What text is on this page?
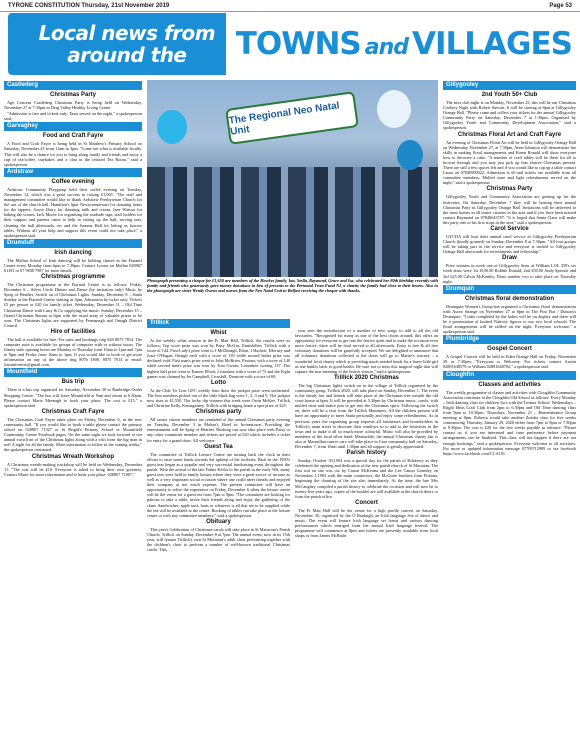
TYRONE CONSTITUTION Thursday, 21st November 2019	Page 53
Local news from
around the TOWNS and VILLAGES
Castlederg
Christmas Party

Age Concern Castlederg Christmas Party is being held on Wednesday, November 27 at 7.30pm in Derg Valley Healthy Living Centre.

"Admission is free and tickets only. Taxis served on the night," a spokesperson said.

Garvaghey
Food and Craft Fayre

A Food and Craft Fayre is being held in St Matthew's Primary School on Saturday, November 23 from 11am to 3pm. "Come see what is available locally. This will also be a chance for you to bring along family and friends and enjoy a cup of tea/coffee, traybakes and a chat in the relaxed Tea Room," said a spokesperson.

Ardstraw
Coffee evening

Ardstraw Community Playgroup held their coffee evening on Tuesday, November 12, which was a great success in raising £1,065. "The staff and management committee would like to thank Ardstraw Presbyterian Church for the use of the church hall, Hamilton's Spar Newtownstewart for donating items for the tappers, Grove Dairy for donating milk and cream, Jane Watson for baking the scones, Jack Moore for organising the roadside sign, staff holders for their support and parents came to help in setting up the hall, serving teas, cleaning the hall afterwards, etc and the Somme Hall for letting us borrow tables. Without all your help and support this event could not take place," a spokesperson said.

Drumduff
Irish dancing

The Mullan School of Irish dancing will be holding classes in the Fiaranif Centre every Monday from 6pm to 7.30pm. Contact Louise on Mullan 028867 61181 or 07 9830 7987 for more details.

Christmas programme

The Christmas programme at the Fiaranif Centre is as follows: Friday, December 6 – Silver Circle Dinner and Dance (by invitation only) Music by Sprig of Heather, Switch on of Christmas Lights. Sunday, December 8 – Santa Sunday at the Fiaranif Centre starting at 3pm. Admission by ticket only. Tickets £5 per person or £20 for family ticket. Wednesday, December 11 – Old Time Christmas Dance with Larry & Co supplying the music. Sunday, December 15 – Grand Christmas Bazaar at 6pm with the usual array of valuable prizes to be won. The Christmas lights are supported by Fermanagh and Omagh District Council.

Hire of facilities

The hall is available for hire. For rates and bookings ring 028 8075 7814. The computer suite is available for groups of computer with or without tutors. The fitness suite opening hours are Monday to Thursday from 10am to 1pm and 7pm to 9pm and Friday from 10am to 1pm. If you would like to book or get more information on any of the above ring 8076 1808, 8075 7014 or email: fiaranifcentre@gmail.com.

Mountfield
Bus trip

There is a bus trip organised for Saturday, November 30 to Banbridge Outlet Shopping Centre. "The bus will leave Mountfield at 9am and return at 6.30pm. Please contact Marie Meenagh to book your place. The cost is £15," a spokesperson said.

Christmas Craft Fayre

The Christmas Craft Fayre takes place on Friday, December 6, in the new community hall. "If you would like to book a table please contact the primary school on 028807 71327 or St Brigid's Primary School or Mountfield Community Centre Facebook pages. On the same night we look forward to our annual switch on of the Christmas lights along with a visit from the big man in red! A night for all the family. More information to follow in the coming weeks," the spokesperson continued.

Christmas Wreath Workshop

A Christmas wreath-making workshop will be held on Wednesday, December 11. "The cost will be £10. Everyone is asked to bring their own greenery. Contact Marie for more information and to book your place: 028807 71807."

The Regional Neo Natal Unit
Photograph presenting a cheque for £1,650 are members of the Hawkes family, Ian, Stella, Raymond, Grace and Isa, who celebrated her 80th birthday recently with family and friends who generously gave money donations in lieu of presents to the Perinatal Trust Fund NI, a charity the family had close to their hearts. Also in the photograph are sister Wendy Owens and nurses from the Neo Natal Unit in Belfast receiving the cheque with thanks.
Trillick
Whist

At the weekly whist session in the Fr Matt Hall, Trillick, the results were as follows: Top score prize was won by Patsy McGirr, Enniskillen. Trillick with a score of 144. First Lady's prize went to J McDonagh, Edirn, J Hackett, Ederney and Josie O'Hagan, Omagh each with a score of 139 while second ladies prize was declared void. First man's prize went to John McBrien, Fintona, with a score of 140 while second men's prize was won by Tom Curran, Lisnaskea scoring 137. The highest half prize went to Eamon Elliott, Lisnaskea with a score of 75 and the Eight games was claimed by Jer Campbell, Crossbill, Dromore with a score of 69.

Lotto

At the Club Tir Leac GFC weekly lotto draw the jackpot prize went unclaimed. The four numbers picked out of the little black bag were 1, 2, 3 and 9. The jackpot now rises to £1,550. The lucky dip winners this week were Owin McKee, Trillick and Christine Kelly, Kernagraney. Trillick with bringing home a spot prize of £25.

Christmas party

All senior citizen members are reminded of the annual Christmas party evening on Tuesday, December 3 in Mahon's Hotel in Irvinestown. Providing the entertainment will be Sprig of Heather. Booking can now take place with Patsy or any other committee member and tickets are priced at £20 which includes a ticket for entry for a grand draw. All welcome.

Guest Tea

The committee of Trillick Leisure Centre are turning back the clock in their efforts to raise some funds towards the upkeep of the facilities. Back in the 1950's guest teas began as a popular and very successful fundraising event throughout the parish. With the arrival of the late Father Keilor to the parish in the early '60s, many guest teas were held in family houses where they were a great source of income as well as a very important social occasion where one could meet friends and enjoyed their company at not much expense. The present committee will have an opportunity to relive the experience on Friday, December 6 when the leisure centre will be the venue for a guest tea from 7pm to 9pm. "The committee are looking for patrons to take a table, invite their friends along and enjoy the gathering of the clans. Sandwiches, apple tarts, buns or whatever is all that are to be supplied while the tea will be available at the centre. Booking of tables can take place at the leisure centre or with any committee members," said a spokesperson.

Obituary

This year's Celebration of Christmas carols will take place in St Macartan's Parish Church, Trillick on Sunday, December 8 at 7pm. The annual event, now in its 15th year, will feature Trillick's own St Macartan's adult choir performing together with the children's choir to perform a number of well-known traditional Christmas carols. This

year sees the introduction of a number of new songs to add to all the old favourites. "Recognised for many as one of the best choirs around, this offers an opportunity for everyone to get into the festive spirit and to make the occasion even more festive, there will be food served to all afterwards. Entry is free & all free voluntary donations will be gratefully accepted. We are delighted to announce that all voluntary donations collected at the doors will go to Maisie's journey – a wonderful local charity which is providing much needed funds for a brave little girl as she battles back to good health. Be sure not to miss this magical night that will capture the true meaning of the festive season," said a spokesperson.

Trillick 2020 Christmas

The big Christmas lights switch on in the village of Trillick organised by the community group, Trillick 2020, will take place on Sunday, December 1. The event is the family fun and friends will take place at the Christmas tree outside the old court house at 6pm. It will be preceded at 5.30pm by Christmas music, carols, with mulled wine and mince pies to get into the Christmas spirit. Following the switch on, there will be a visit from the Trillick Mummers. All the children present will have an opportunity to meet Santa personally and enjoy some refreshments. As in previous years the organising group requests all businesses and householders in Trillick's main street to decorate their windows so to add to the festivities in the town and to make it all so much more colourful. Music will also be provided by members of the local silver band. Meanwhile, the annual Christmas charity fair is also at Macmillan cancer care will take place in Cara community hall on Saturday, December 7, from 10am until 1.30pm and all support is greatly appreciated.

Parish history

Sunday, October 30,1904 was a special day for the parish of Kilskeery as they celebrated the opening and dedication of the new parish church of St Macartan. The first sod on site was cut by Canon McKenna and the Lee Canon Gormley on November 1,1903 with the main contractors, the McGuire brothers from Fintona, beginning the cleaning of the site also immediately. At the time, the late Mrs McCaughey compiled a parish history to celebrate the occasion and will now be to twenty five years ago, copies of the booklet are still available at the church doors or from the parish office.

Concert

The Fr Matt Hall will be the venue for a high profile concert on Saturday, November 30, organised by the Ó Bradaigh, an Irish language feis of dance and music. The event will feature Irish language set forms and various dancing performances which emerged from the annual Irish language festival. The programme will commence at 8pm and tickets are presently available from local shops or from James McBride.

Gillygooley
2nd Youth 50+ Club

The next club night is on Monday, November 25, this will be our Christmas Cookery Night with Robert Stewart. It will be starting at 8pm at Gillygooley Orange Hall. "Please come and collect your tickets for the annual Gillygooley Community Party on Saturday, December 7 at 1.30pm. Organised by Gillygooley Youth and Community Development Association," said a spokesperson.

Christmas Floral Art and Craft Fayre

An evening of Christmas Floral Art will be held in Gillygooley Orange Hall on Wednesday, November 27, at 7.30pm. Anne Johnston will demonstrate her skills in making floral arrangements and Karen Ronald will show everyone how to decorate a cake. "A number of craft tables will be there for all to browse through and you may just pick up that elusive Christmas present. There are still a few spaces left and if you would like to top up a table contact Laura on 07840990022. Admission is £6 and tickets are available from all committee members. Mulled wine and light refreshments served on the night," said a spokesperson.

Christmas Party

Gillygooley Youth and Community Association are gearing up for the festivities. On Saturday, December 7 they will be hosting their annual Christmas Party in Gillygooley Orange Hall. Invitations will be delivered to the most homes in all senior citizens in the area and if you have been missed contact Raymond on 07840643707. "It is hoped that Santa Claus will make this party one of his first stops in the area," said a spokesperson.

Carol Service

GYCDA will host their annual carol service in Gillygooley Presbyterian Church (kindly granted) on Sunday, December 8 at 7.30pm. "All four groups will be taking part in the service and everyone is invited to Gillygooley Orange Hall afterwards for refreshments and fellowship."

Draw

Prize winners in week one of Gillygooley Sons of William LOL 359's six week draw were 1st £100.00 Robbie Donald, 2nd £50.00 Andy Sproule and 3rd £25.00 Calvin McKenley. Draw number two to take place on Thursday night.

Drumquin
Christmas floral demonstration

Drumquin Women's Group has organised a Christmas floral demonstration with Aurea Strange on November 27 at 8pm in The Post Bar / Duncan's Drumquin. "Crafts completed by the ladies will be on display and there will be a presentation of knitted Nativity figures to our two local schools. The floral arrangements will be raffled on the night. Everyone welcome," a spokesperson said.

Plumbridge
Gospel Concert

A Gospel Concert will be held in Eden Orange Hall on Friday, November 29 at 7.30pm. "Everyone is Welcome. For tickets contact Austin 02881648579 or William 02881648702," a spokesperson said.

Cloughfin
Classes and activities

The weekly programme of classes and activities with Cloughfin Community Association continues in the Cloughfin Old School as follows: Every Monday – Irish dancing class for children 5yrs with the Treanor School. Wednesdays – Bright Ideas Craft Club from 2pm to 6.30pm and Old Time dancing class from 9pm to 10.30pm. Thursdays, November 21 – Remembrance Group meeting at 8pm. Roberta would take another Zumba class for five weeks commencing Thursday, January 29, 2020 either from 7pm to 8pm or 7.30pm to 8.30pm. The cost is £20 for the five weeks payable in advance. "Please contact us if you are interested and time preference before payment arrangements can be finalised. This class will not happen if there are not enough bookings," said a spokesperson. Everyone welcome to all activities. For more or updated information message 07709712989 or via facebook https://www.facebook.com/CCA181.
